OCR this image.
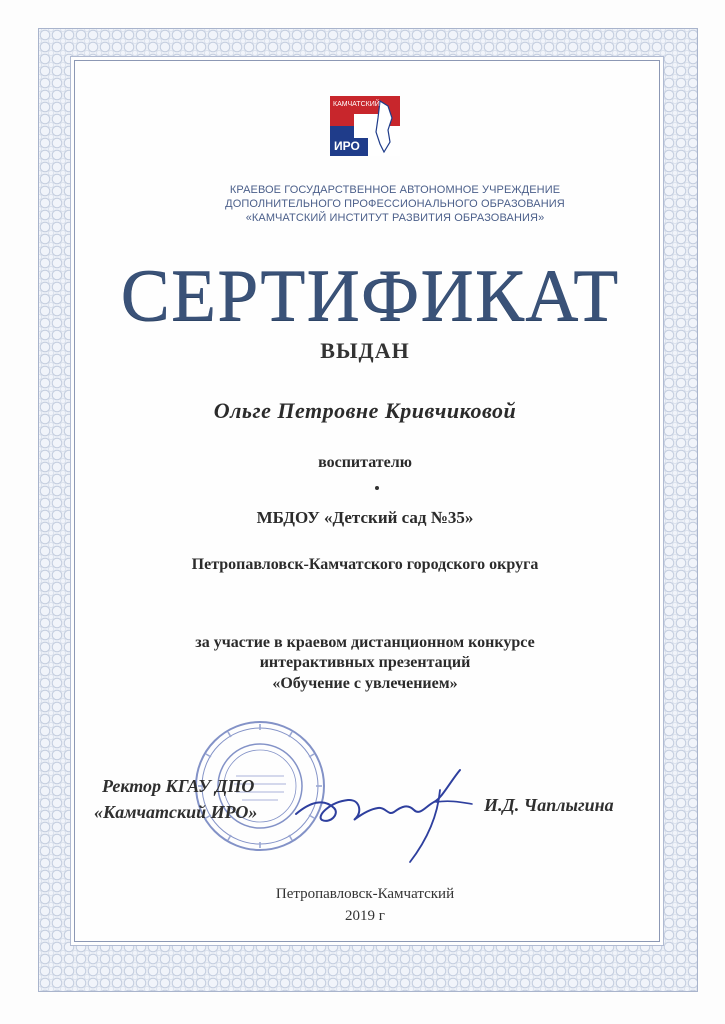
КАМЧАТСКИЙ
ИРО
КРАЕВОЕ ГОСУДАРСТВЕННОЕ АВТОНОМНОЕ УЧРЕЖДЕНИЕ
ДОПОЛНИТЕЛЬНОГО ПРОФЕССИОНАЛЬНОГО ОБРАЗОВАНИЯ
«КАМЧАТСКИЙ ИНСТИТУТ РАЗВИТИЯ ОБРАЗОВАНИЯ»
СЕРТИФИКАТ
ВЫДАН
Ольге Петровне Кривчиковой
воспитателю
МБДОУ «Детский сад №35»
Петропавловск-Камчатского городского округа
за участие в краевом дистанционном конкурсе
интерактивных презентаций
«Обучение с увлечением»
Ректор КГАУ ДПО
«Камчатский ИРО»	И.Д. Чаплыгина
Петропавловск-Камчатский
2019 г
